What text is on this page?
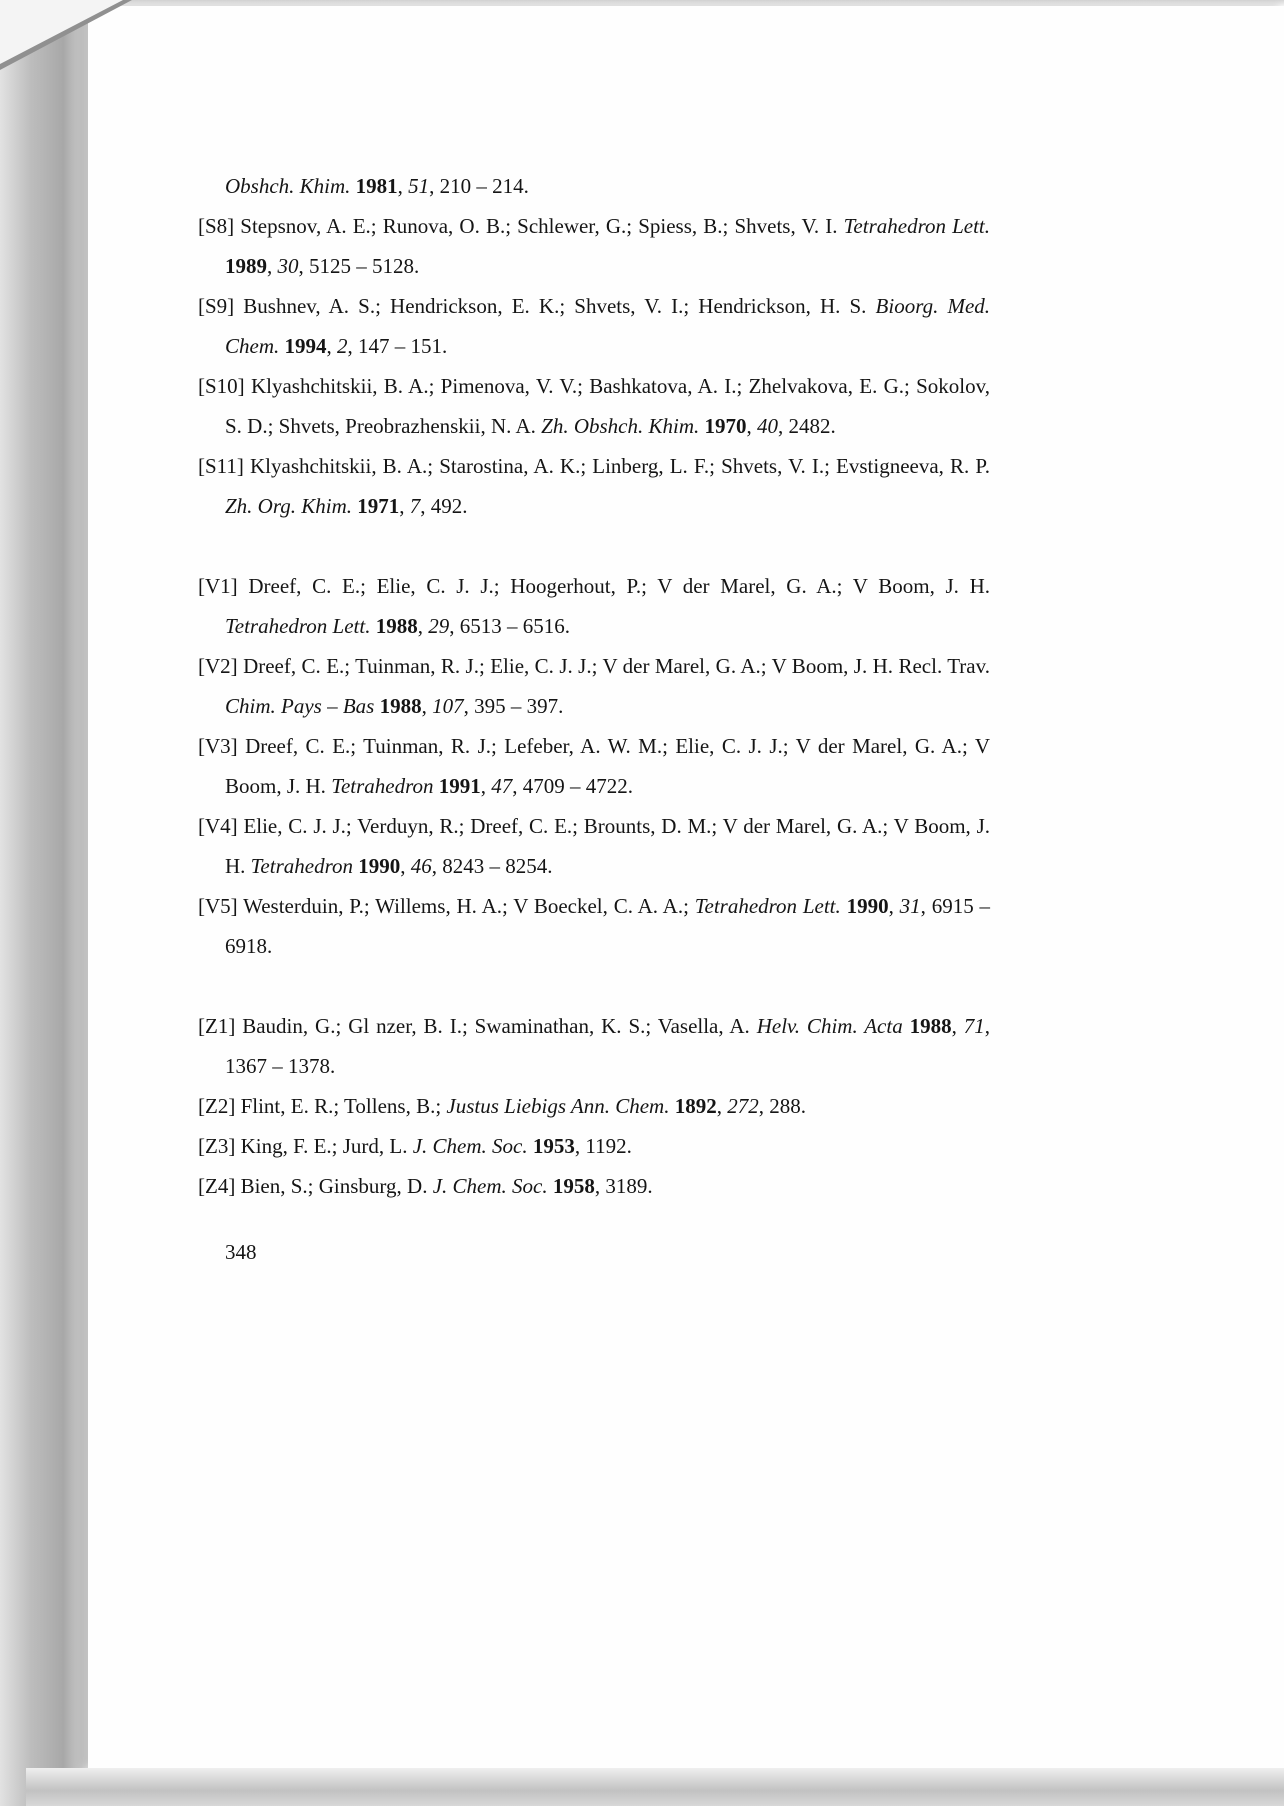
Obshch. Khim. 1981, 51, 210 – 214.

[S8] Stepsnov, A. E.; Runova, O. B.; Schlewer, G.; Spiess, B.; Shvets, V. I. Tetrahedron Lett. 1989, 30, 5125 – 5128.

[S9] Bushnev, A. S.; Hendrickson, E. K.; Shvets, V. I.; Hendrickson, H. S. Bioorg. Med. Chem. 1994, 2, 147 – 151.

[S10] Klyashchitskii, B. A.; Pimenova, V. V.; Bashkatova, A. I.; Zhelvakova, E. G.; Sokolov, S. D.; Shvets, Preobrazhenskii, N. A. Zh. Obshch. Khim. 1970, 40, 2482.

[S11] Klyashchitskii, B. A.; Starostina, A. K.; Linberg, L. F.; Shvets, V. I.; Evstigneeva, R. P. Zh. Org. Khim. 1971, 7, 492.

[V1] Dreef, C. E.; Elie, C. J. J.; Hoogerhout, P.; V der Marel, G. A.; V Boom, J. H. Tetrahedron Lett. 1988, 29, 6513 – 6516.

[V2] Dreef, C. E.; Tuinman, R. J.; Elie, C. J. J.; V der Marel, G. A.; V Boom, J. H. Recl. Trav. Chim. Pays – Bas 1988, 107, 395 – 397.

[V3] Dreef, C. E.; Tuinman, R. J.; Lefeber, A. W. M.; Elie, C. J. J.; V der Marel, G. A.; V Boom, J. H. Tetrahedron 1991, 47, 4709 – 4722.

[V4] Elie, C. J. J.; Verduyn, R.; Dreef, C. E.; Brounts, D. M.; V der Marel, G. A.; V Boom, J. H. Tetrahedron 1990, 46, 8243 – 8254.

[V5] Westerduin, P.; Willems, H. A.; V Boeckel, C. A. A.; Tetrahedron Lett. 1990, 31, 6915 – 6918.

[Z1] Baudin, G.; Gl nzer, B. I.; Swaminathan, K. S.; Vasella, A. Helv. Chim. Acta 1988, 71, 1367 – 1378.

[Z2] Flint, E. R.; Tollens, B.; Justus Liebigs Ann. Chem. 1892, 272, 288.

[Z3] King, F. E.; Jurd, L. J. Chem. Soc. 1953, 1192.

[Z4] Bien, S.; Ginsburg, D. J. Chem. Soc. 1958, 3189.

348
